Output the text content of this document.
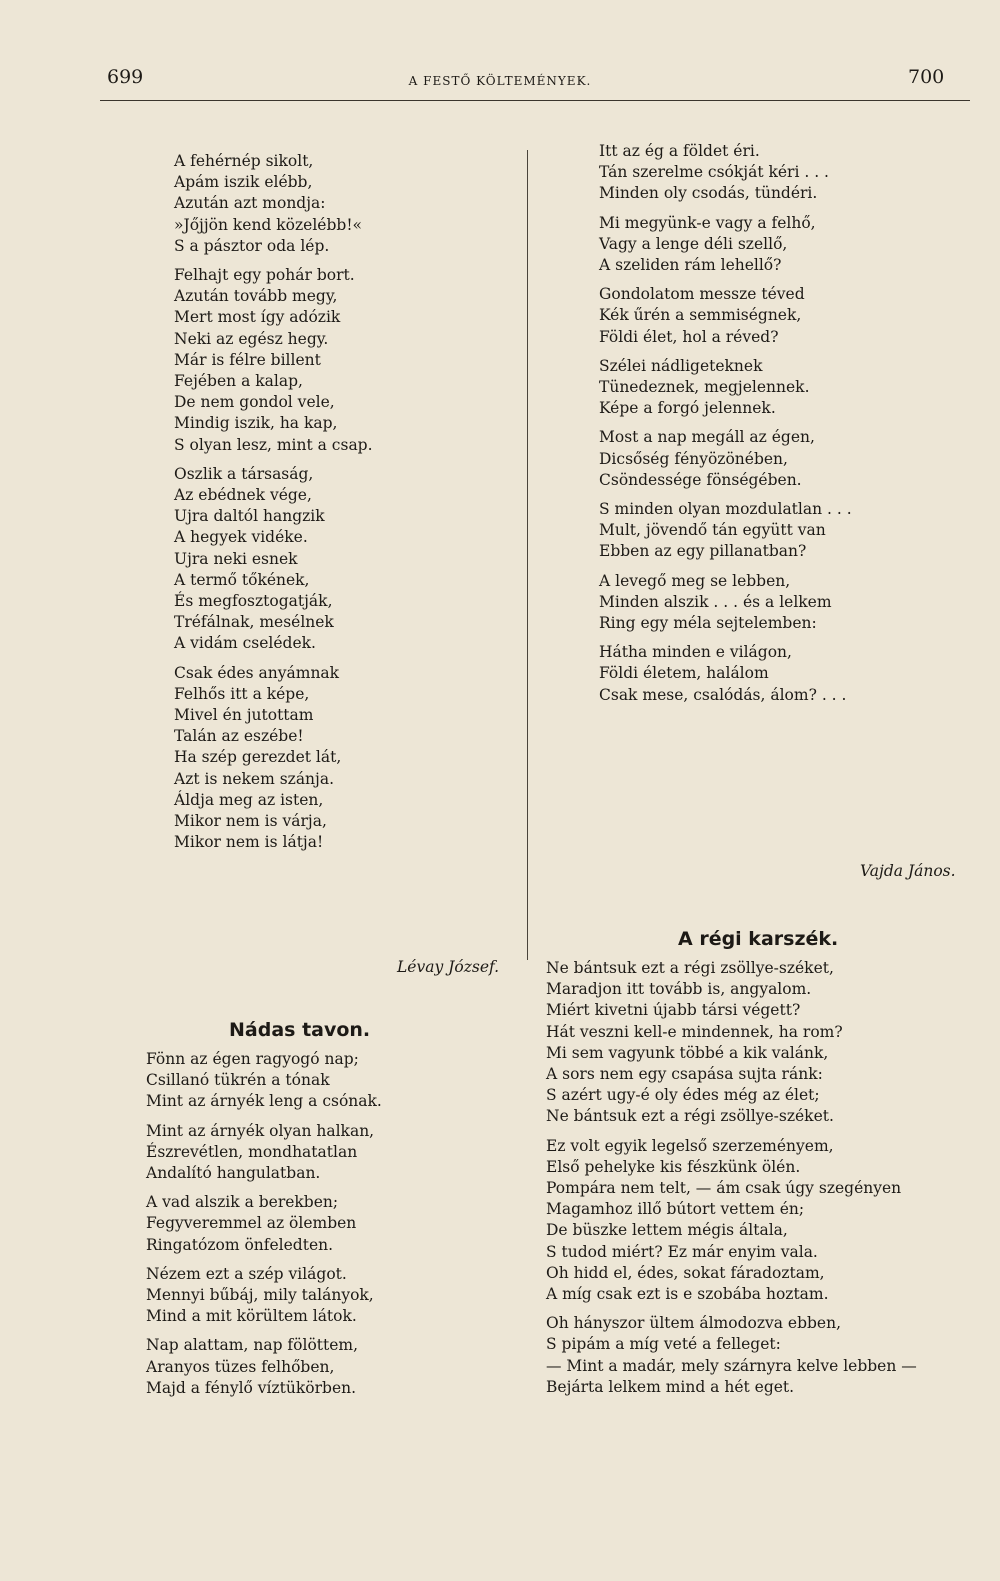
699	A FESTŐ KÖLTEMÉNYEK.	700
A fehérnép sikolt,
Apám iszik elébb,
Azután azt mondja:
»Jőjjön kend közelébb!«
S a pásztor oda lép.
Felhajt egy pohár bort.
Azután tovább megy,
Mert most így adózik
Neki az egész hegy.
Már is félre billent
Fejében a kalap,
De nem gondol vele,
Mindig iszik, ha kap,
S olyan lesz, mint a csap.
Oszlik a társaság,
Az ebédnek vége,
Ujra daltól hangzik
A hegyek vidéke.
Ujra neki esnek
A termő tőkének,
És megfosztogatják,
Tréfálnak, mesélnek
A vidám cselédek.
Csak édes anyámnak
Felhős itt a képe,
Mivel én jutottam
Talán az eszébe!
Ha szép gerezdet lát,
Azt is nekem szánja.
Áldja meg az isten,
Mikor nem is várja,
Mikor nem is látja!
Lévay József.
Nádas tavon.
Fönn az égen ragyogó nap;
Csillanó tükrén a tónak
Mint az árnyék leng a csónak.
Mint az árnyék olyan halkan,
Észrevétlen, mondhatatlan
Andalító hangulatban.
A vad alszik a berekben;
Fegyveremmel az ölemben
Ringatózom önfeledten.
Nézem ezt a szép világot.
Mennyi bűbáj, mily talányok,
Mind a mit körültem látok.
Nap alattam, nap fölöttem,
Aranyos tüzes felhőben,
Majd a fénylő víztükörben.
Itt az ég a földet éri.
Tán szerelme csókját kéri . . .
Minden oly csodás, tündéri.
Mi megyünk-e vagy a felhő,
Vagy a lenge déli szellő,
A szeliden rám lehellő?
Gondolatom messze téved
Kék űrén a semmiségnek,
Földi élet, hol a réved?
Szélei nádligeteknek
Tünedeznek, megjelennek.
Képe a forgó jelennek.
Most a nap megáll az égen,
Dicsőség fényözönében,
Csöndessége fönségében.
S minden olyan mozdulatlan . . .
Mult, jövendő tán együtt van
Ebben az egy pillanatban?
A levegő meg se lebben,
Minden alszik . . . és a lelkem
Ring egy méla sejtelemben:
Hátha minden e világon,
Földi életem, halálom
Csak mese, csalódás, álom? . . .
Vajda János.
A régi karszék.
Ne bántsuk ezt a régi zsöllye-széket,
Maradjon itt tovább is, angyalom.
Miért kivetni újabb társi végett?
Hát veszni kell-e mindennek, ha rom?
Mi sem vagyunk többé a kik valánk,
A sors nem egy csapása sujta ránk:
S azért ugy-é oly édes még az élet;
Ne bántsuk ezt a régi zsöllye-széket.
Ez volt egyik legelső szerzeményem,
Első pehelyke kis fészkünk ölén.
Pompára nem telt, — ám csak úgy szegényen
Magamhoz illő bútort vettem én;
De büszke lettem mégis általa,
S tudod miért? Ez már enyim vala.
Oh hidd el, édes, sokat fáradoztam,
A míg csak ezt is e szobába hoztam.
Oh hányszor ültem álmodozva ebben,
S pipám a míg veté a felleget:
— Mint a madár, mely szárnyra kelve lebben —
Bejárta lelkem mind a hét eget.
